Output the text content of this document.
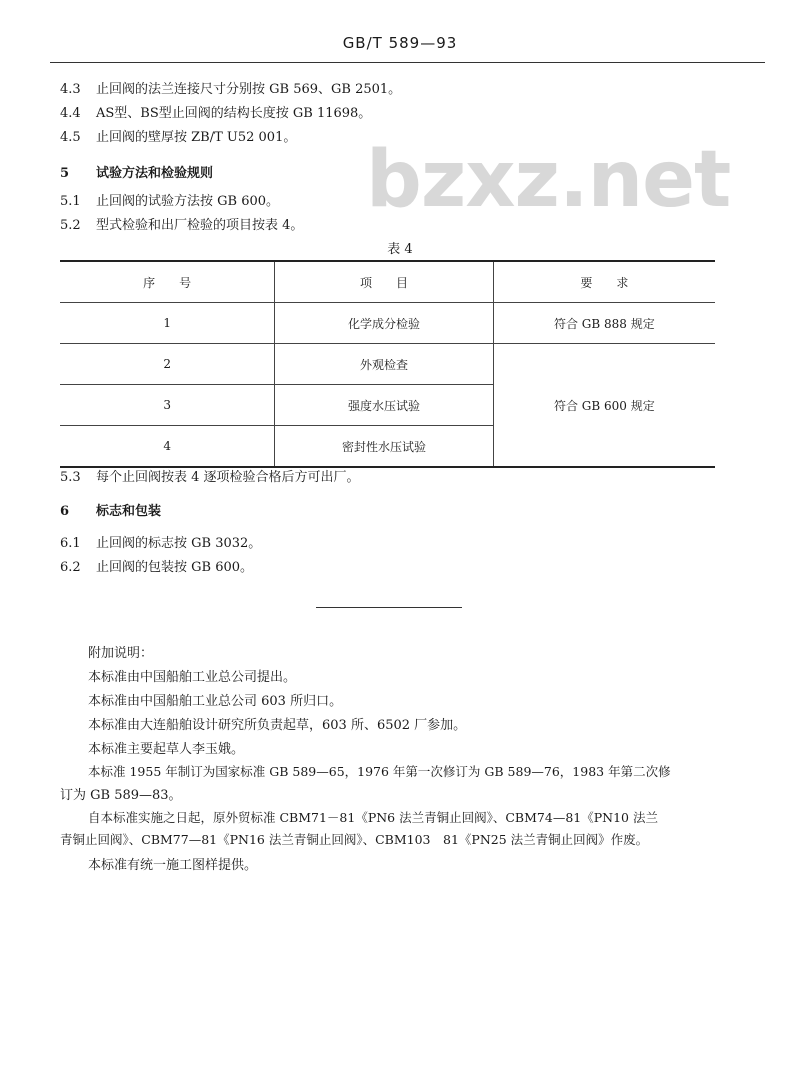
GB/T 589—93
4.3 止回阀的法兰连接尺寸分别按 GB 569、GB 2501。
4.4 AS型、BS型止回阀的结构长度按 GB 11698。
4.5 止回阀的壁厚按 ZB/T U52 001。 bzxz.net
5 试验方法和检验规则
5.1 止回阀的试验方法按 GB 600。
5.2 型式检验和出厂检验的项目按表 4。
表 4
序　　号	项　　目	要　　求
1	化学成分检验	符合 GB 888 规定
2	外观检查	符合 GB 600 规定
3	强度水压试验	
4	密封性水压试验	
5.3 每个止回阀按表 4 逐项检验合格后方可出厂。
6 标志和包装
6.1 止回阀的标志按 GB 3032。
6.2 止回阀的包装按 GB 600。
附加说明：
本标准由中国船舶工业总公司提出。
本标准由中国船舶工业总公司 603 所归口。
本标准由大连船舶设计研究所负责起草，603 所、6502 厂参加。
本标准主要起草人李玉娥。
本标准 1955 年制订为国家标准 GB 589—65，1976 年第一次修订为 GB 589—76，1983 年第二次修
订为 GB 589—83。
自本标准实施之日起，原外贸标准 CBM71－81《PN6 法兰青铜止回阀》、CBM74—81《PN10 法兰
青铜止回阀》、CBM77—81《PN16 法兰青铜止回阀》、CBM103　81《PN25 法兰青铜止回阀》作废。
本标准有统一施工图样提供。
